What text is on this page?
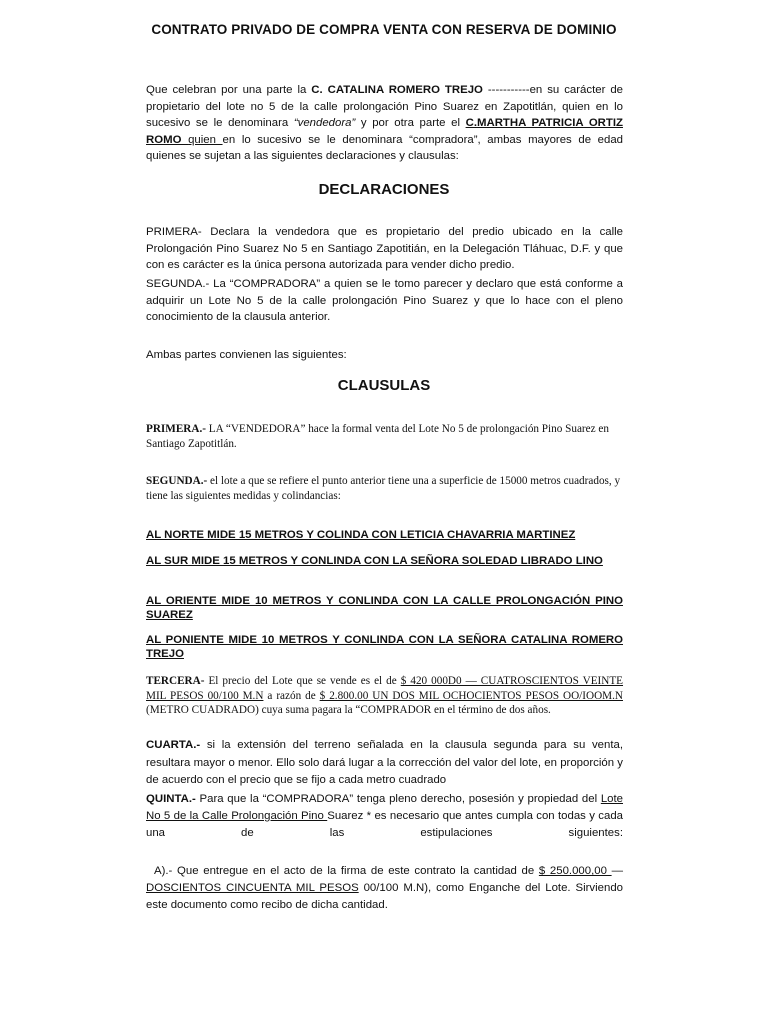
CONTRATO PRIVADO DE COMPRA VENTA CON RESERVA DE DOMINIO
Que celebran por una parte la C. CATALINA ROMERO TREJO -----------en su carácter de propietario del lote no 5 de la calle prolongación Pino Suarez en Zapotitlán, quien en lo sucesivo se le denominara “vendedora” y por otra parte el C.MARTHA PATRICIA ORTIZ ROMO quien en lo sucesivo se le denominara “compradora”, ambas mayores de edad quienes se sujetan a las siguientes declaraciones y clausulas:
DECLARACIONES
PRIMERA- Declara la vendedora que es propietario del predio ubicado en la calle Prolongación Pino Suarez No 5 en Santiago Zapotitián, en la Delegación Tláhuac, D.F. y que con es carácter es la única persona autorizada para vender dicho predio.
SEGUNDA.- La “COMPRADORA” a quien se le tomo parecer y declaro que está conforme a adquirir un Lote No 5 de la calle prolongación Pino Suarez y que lo hace con el pleno conocimiento de la clausula anterior.
Ambas partes convienen las siguientes:
CLAUSULAS
PRIMERA.- LA “VENDEDORA” hace la formal venta del Lote No 5 de prolongación Pino Suarez en Santiago Zapotitlán.
SEGUNDA.- el lote a que se refiere el punto anterior tiene una a superficie de 15000 metros cuadrados, y tiene las siguientes medidas y colindancias:
AL NORTE MIDE 15 METROS Y COLINDA CON LETICIA CHAVARRIA MARTINEZ
AL SUR MIDE 15 METROS Y CONLINDA CON LA SEÑORA SOLEDAD LIBRADO LINO
AL ORIENTE MIDE 10 METROS Y CONLINDA CON LA CALLE PROLONGACIÓN PINO SUAREZ
AL PONIENTE MIDE 10 METROS Y CONLINDA CON LA SEÑORA CATALINA ROMERO TREJO
TERCERA- El precio del Lote que se vende es el de $ 420 000D0 — CUATROSCIENTOS VEINTE MIL PESOS 00/100 M.N a razón de $ 2.800.00 UN DOS MIL OCHOCIENTOS PESOS OO/IOOM.N (METRO CUADRADO) cuya suma pagara la “COMPRADOR en el término de dos años.
CUARTA.- si la extensión del terreno señalada en la clausula segunda para su venta, resultara mayor o menor. Ello solo dará lugar a la corrección del valor del lote, en proporción y de acuerdo con el precio que se fijo a cada metro cuadrado
QUINTA.- Para que la “COMPRADORA” tenga pleno derecho, posesión y propiedad del Lote No 5 de la Calle Prolongación Pino Suarez * es necesario que antes cumpla con todas y cada una de las estipulaciones siguientes:
A).- Que entregue en el acto de la firma de este contrato la cantidad de $ 250.000,00 — DOSCIENTOS CINCUENTA MIL PESOS 00/100 M.N), como Enganche del Lote. Sirviendo este documento como recibo de dicha cantidad.
